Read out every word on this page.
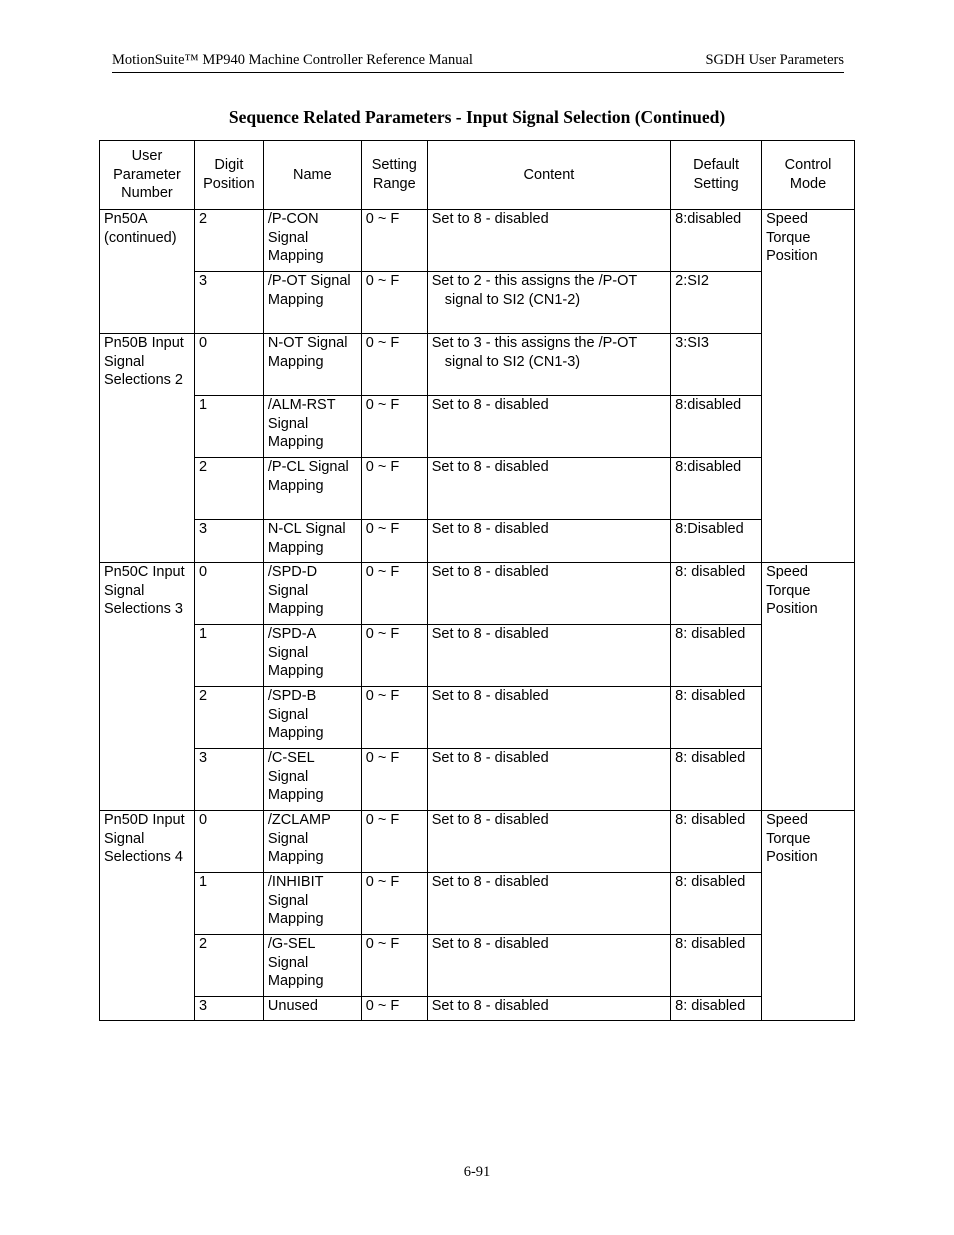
MotionSuite™ MP940 Machine Controller Reference Manual	SGDH User Parameters
Sequence Related Parameters - Input Signal Selection (Continued)
User Parameter Number	Digit Position	Name	Setting Range	Content	Default Setting	Control Mode
Pn50A (continued)	2	/P-CON Signal Mapping	0 ~ F	Set to 8 - disabled	8:disabled	Speed Torque Position
	3	/P-OT Signal Mapping	0 ~ F	Set to 2 - this assigns the /P-OT signal to SI2 (CN1-2)	2:SI2	
Pn50B Input Signal Selections 2	0	N-OT Signal Mapping	0 ~ F	Set to 3 - this assigns the /P-OT signal to SI2 (CN1-3)	3:SI3	
	1	/ALM-RST Signal Mapping	0 ~ F	Set to 8 - disabled	8:disabled	
	2	/P-CL Signal Mapping	0 ~ F	Set to 8 - disabled	8:disabled	
	3	N-CL Signal Mapping	0 ~ F	Set to 8 - disabled	8:Disabled	
Pn50C Input Signal Selections 3	0	/SPD-D Signal Mapping	0 ~ F	Set to 8 - disabled	8: disabled	Speed Torque Position
	1	/SPD-A Signal Mapping	0 ~ F	Set to 8 - disabled	8: disabled	
	2	/SPD-B Signal Mapping	0 ~ F	Set to 8 - disabled	8: disabled	
	3	/C-SEL Signal Mapping	0 ~ F	Set to 8 - disabled	8: disabled	
Pn50D Input Signal Selections 4	0	/ZCLAMP Signal Mapping	0 ~ F	Set to 8 - disabled	8: disabled	Speed Torque Position
	1	/INHIBIT Signal Mapping	0 ~ F	Set to 8 - disabled	8: disabled	
	2	/G-SEL Signal Mapping	0 ~ F	Set to 8 - disabled	8: disabled	
	3	Unused	0 ~ F	Set to 8 - disabled	8: disabled	
6-91
